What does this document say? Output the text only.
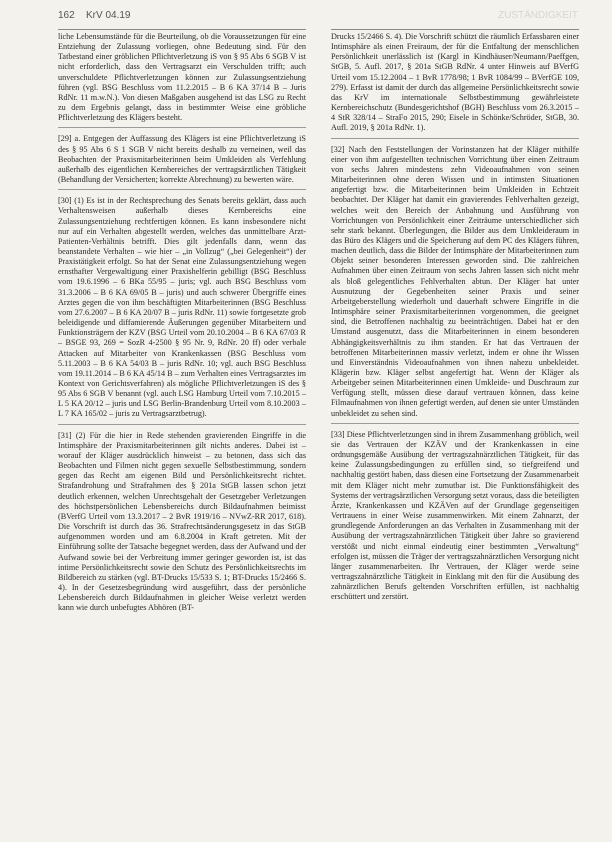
162 KrV 04.19	ZUSTÄNDIGKEIT

liche Lebensumstände für die Beurteilung, ob die Voraussetzungen für eine Entziehung der Zulassung vorliegen, ohne Bedeutung sind. Für den Tatbestand einer gröblichen Pflichtverletzung iS von § 95 Abs 6 SGB V ist nicht erforderlich, dass den Vertragsarzt ein Verschulden trifft; auch unverschuldete Pflichtverletzungen können zur Zulassungsentziehung führen (vgl. BSG Beschluss vom 11.2.2015 – B 6 KA 37/14 B – Juris RdNr. 11 m.w.N.). Von diesen Maßgaben ausgehend ist das LSG zu Recht zu dem Ergebnis gelangt, dass in bestimmter Weise eine gröbliche Pflichtverletzung des Klägers besteht.

[29] a. Entgegen der Auffassung des Klägers ist eine Pflichtverletzung iS des § 95 Abs 6 S 1 SGB V nicht bereits deshalb zu verneinen, weil das Beobachten der Praxismitarbeiterinnen beim Umkleiden als Verfehlung außerhalb des eigentlichen Kernbereiches der vertragsärztlichen Tätigkeit (Behandlung der Versicherten; korrekte Abrechnung) zu bewerten wäre.

[30] (1) Es ist in der Rechtsprechung des Senats bereits geklärt, dass auch Verhaltensweisen außerhalb dieses Kernbereichs eine Zulassungsentziehung rechtfertigen können. Es kann insbesondere nicht nur auf ein Verhalten abgestellt werden, welches das unmittelbare Arzt-Patienten-Verhältnis betrifft. Dies gilt jedenfalls dann, wenn das beanstandete Verhalten – wie hier – „in Vollzug“ („bei Gelegenheit“) der Praxistätigkeit erfolgt. So hat der Senat eine Zulassungsentziehung wegen ernsthafter Vergewaltigung einer Praxishelferin gebilligt (BSG Beschluss vom 19.6.1996 – 6 BKa 55/95 – juris; vgl. auch BSG Beschluss vom 31.3.2006 – B 6 KA 69/05 B – juris) und auch schwerer Übergriffe eines Arztes gegen die von ihm beschäftigten Mitarbeiterinnen (BSG Beschluss vom 27.6.2007 – B 6 KA 20/07 B – juris RdNr. 11) sowie fortgesetzte grob beleidigende und diffamierende Äußerungen gegenüber Mitarbeitern und Funktionsträgern der KZV (BSG Urteil vom 20.10.2004 – B 6 KA 67/03 R – BSGE 93, 269 = SozR 4-2500 § 95 Nr. 9, RdNr. 20 ff) oder verbale Attacken auf Mitarbeiter von Krankenkassen (BSG Beschluss vom 5.11.2003 – B 6 KA 54/03 B – juris RdNr. 10; vgl. auch BSG Beschluss vom 19.11.2014 – B 6 KA 45/14 B – zum Verhalten eines Vertragsarztes im Kontext von Gerichtsverfahren) als mögliche Pflichtverletzungen iS des § 95 Abs 6 SGB V benannt (vgl. auch LSG Hamburg Urteil vom 7.10.2015 – L 5 KA 20/12 – juris und LSG Berlin-Brandenburg Urteil vom 8.10.2003 – L 7 KA 165/02 – juris zu Vertragsarztbetrug).

[31] (2) Für die hier in Rede stehenden gravierenden Eingriffe in die Intimsphäre der Praxismitarbeiterinnen gilt nichts anderes. Dabei ist – worauf der Kläger ausdrücklich hinweist – zu betonen, dass sich das Beobachten und Filmen nicht gegen sexuelle Selbstbestimmung, sondern gegen das Recht am eigenen Bild und Persönlichkeitsrecht richtet. Strafandrohung und Strafrahmen des § 201a StGB lassen schon jetzt deutlich erkennen, welchen Unrechtsgehalt der Gesetzgeber Verletzungen des höchstpersönlichen Lebensbereichs durch Bildaufnahmen beimisst (BVerfG Urteil vom 13.3.2017 – 2 BvR 1919/16 – NVwZ-RR 2017, 618). Die Vorschrift ist durch das 36. Strafrechtsänderungsgesetz in das StGB aufgenommen worden und am 6.8.2004 in Kraft getreten. Mit der Einführung sollte der Tatsache begegnet werden, dass der Aufwand und der Aufwand sowie bei der Verbreitung immer geringer geworden ist, ist das intime Persönlichkeitsrecht sowie den Schutz des Persönlichkeitsrechts im Bildbereich zu stärken (vgl. BT-Drucks 15/533 S. 1; BT-Drucks 15/2466 S. 4). In der Gesetzesbegründung wird ausgeführt, dass der persönliche Lebensbereich durch Bildaufnahmen in gleicher Weise verletzt werden kann wie durch unbefugtes Abhören (BT-

Drucks 15/2466 S. 4). Die Vorschrift schützt die räumlich Erfassbaren einer Intimsphäre als einen Freiraum, der für die Entfaltung der menschlichen Persönlichkeit unerlässlich ist (Kargl in Kindhäuser/Neumann/Paeffgen, StGB, 5. Aufl. 2017, § 201a StGB RdNr. 4 unter Hinweis auf BVerfG Urteil vom 15.12.2004 – 1 BvR 1778/98; 1 BvR 1084/99 – BVerfGE 109, 279). Erfasst ist damit der durch das allgemeine Persönlichkeitsrecht sowie das KrV im internationale Selbstbestimmung gewährleistete Kernbereichschutz (Bundesgerichtshof (BGH) Beschluss vom 26.3.2015 – 4 StR 328/14 – StraFo 2015, 290; Eisele in Schönke/Schröder, StGB, 30. Aufl. 2019, § 201a RdNr. 1).

[32] Nach den Feststellungen der Vorinstanzen hat der Kläger mithilfe einer von ihm aufgestellten technischen Vorrichtung über einen Zeitraum von sechs Jahren mindestens zehn Videoaufnahmen von seinen Mitarbeiterinnen ohne deren Wissen und in intimsten Situationen angefertigt bzw. die Mitarbeiterinnen beim Umkleiden in Echtzeit beobachtet. Der Kläger hat damit ein gravierendes Fehlverhalten gezeigt, welches weit den Bereich der Anbahnung und Ausführung von Vorrichtungen von Persönlichkeit einer Zeiträume unterschiedlicher sich sehr stark bekannt. Überlegungen, die Bilder aus dem Umkleideraum in das Büro des Klägers und die Speicherung auf dem PC des Klägers führen, machen deutlich, dass die Bilder der Intimsphäre der Mitarbeiterinnen zum Objekt seiner besonderen Interessen geworden sind. Die zahlreichen Aufnahmen über einen Zeitraum von sechs Jahren lassen sich nicht mehr als bloß gelegentliches Fehlverhalten abtun. Der Kläger hat unter Ausnutzung der Gegebenheiten seiner Praxis und seiner Arbeitgeberstellung wiederholt und dauerhaft schwere Eingriffe in die Intimsphäre seiner Praxismitarbeiterinnen vorgenommen, die geeignet sind, die Betroffenen nachhaltig zu beeinträchtigen. Dabei hat er den Umstand ausgenutzt, dass die Mitarbeiterinnen in einem besonderen Abhängigkeitsverhältnis zu ihm standen. Er hat das Vertrauen der betroffenen Mitarbeiterinnen massiv verletzt, indem er ohne ihr Wissen und Einverständnis Videoaufnahmen von ihnen nahezu unbekleidet. Klägerin bzw. Kläger selbst angefertigt hat. Wenn der Kläger als Arbeitgeber seinen Mitarbeiterinnen einen Umkleide- und Duschraum zur Verfügung stellt, müssen diese darauf vertrauen können, dass keine Filmaufnahmen von ihnen gefertigt werden, auf denen sie unter Umständen unbekleidet zu sehen sind.

[33] Diese Pflichtverletzungen sind in ihrem Zusammenhang gröblich, weil sie das Vertrauen der KZÄV und der Krankenkassen in eine ordnungsgemäße Ausübung der vertragszahnärztlichen Tätigkeit, für das keine Zulassungsbedingungen zu erfüllen sind, so tiefgreifend und nachhaltig gestört haben, dass diesen eine Fortsetzung der Zusammenarbeit mit dem Kläger nicht mehr zumutbar ist. Die Funktionsfähigkeit des Systems der vertragsärztlichen Versorgung setzt voraus, dass die beteiligten Ärzte, Krankenkassen und KZÄVen auf der Grundlage gegenseitigen Vertrauens in einer Weise zusammenwirken. Mit einem Zahnarzt, der grundlegende Anforderungen an das Verhalten in Zusammenhang mit der Ausübung der vertragszahnärztlichen Tätigkeit über Jahre so gravierend verstößt und nicht einmal eindeutig einer bestimmten „Verwaltung“ erfolgen ist, müssen die Träger der vertragszahnärztlichen Versorgung nicht länger zusammenarbeiten. Ihr Vertrauen, der Kläger werde seine vertragszahnärztliche Tätigkeit in Einklang mit den für die Ausübung des zahnärztlichen Berufs geltenden Vorschriften erfüllen, ist nachhaltig erschüttert und zerstört.
